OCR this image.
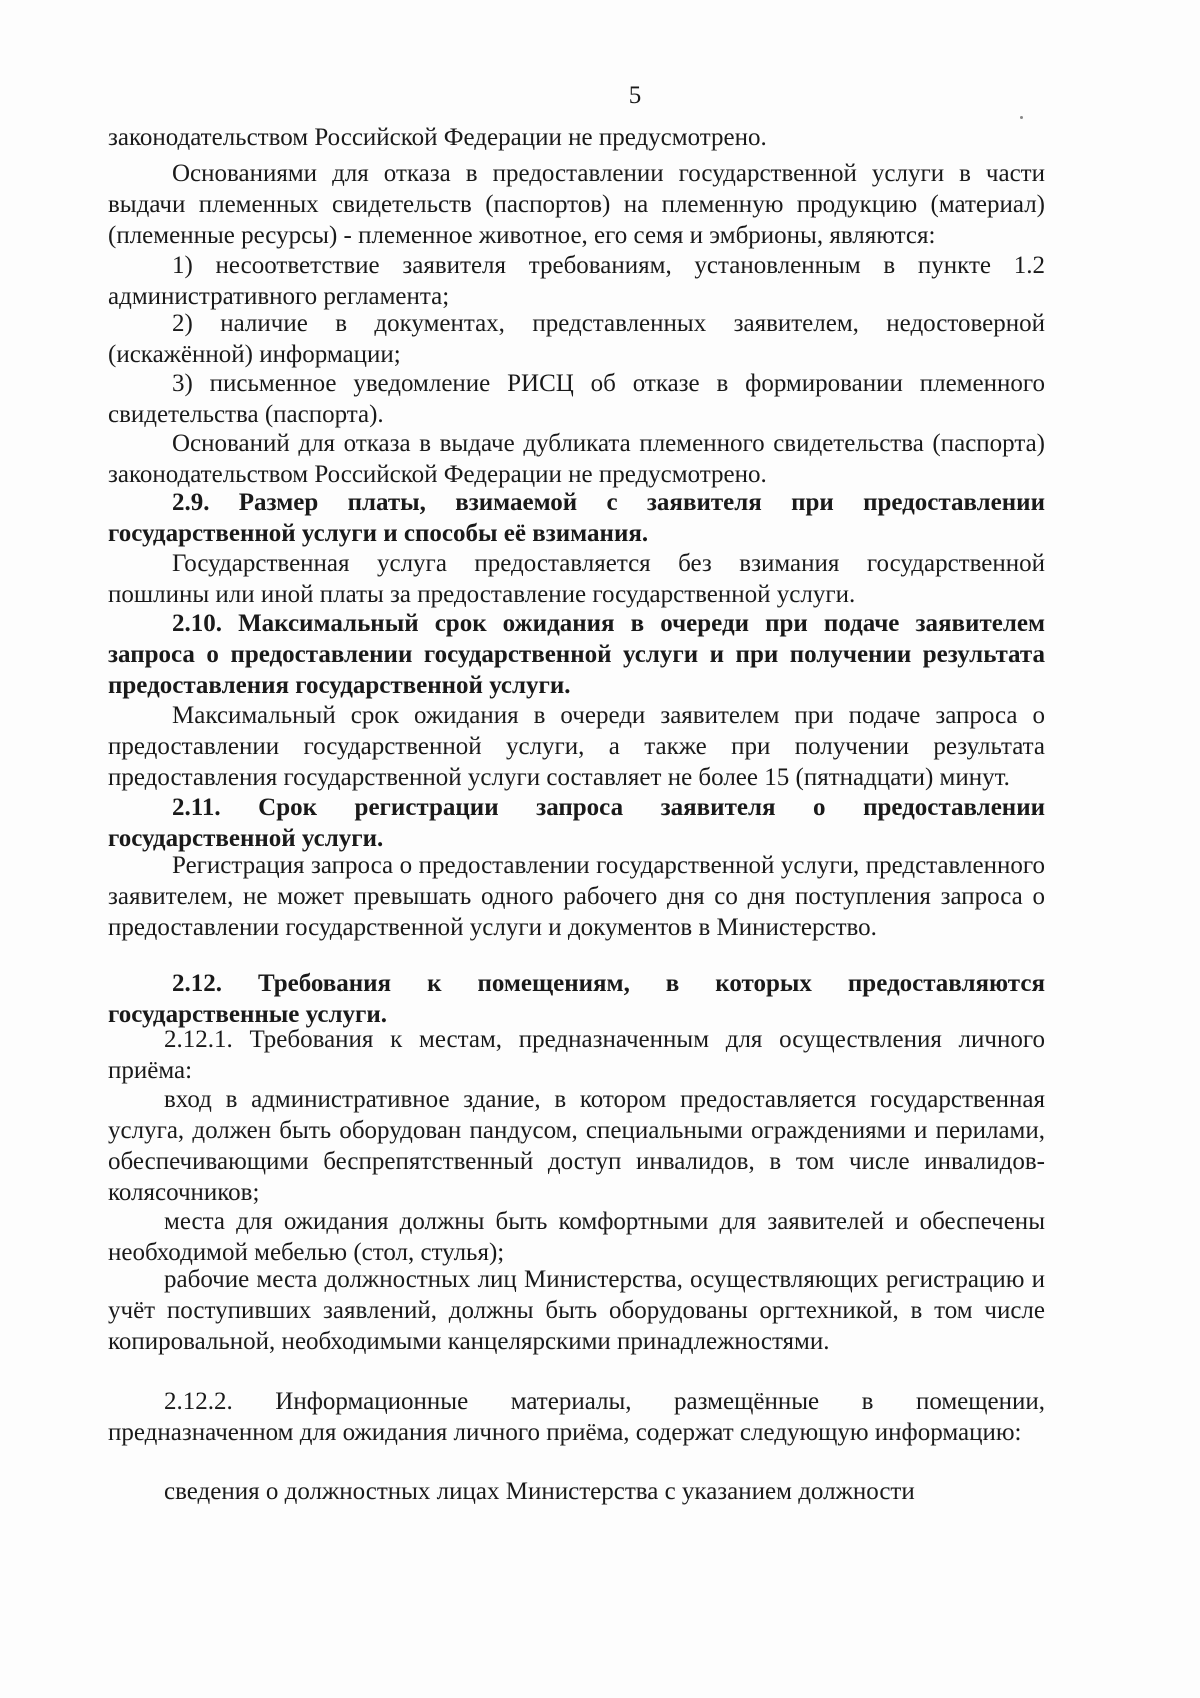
5

законодательством Российской Федерации не предусмотрено.

Основаниями для отказа в предоставлении государственной услуги в части выдачи племенных свидетельств (паспортов) на племенную продукцию (материал) (племенные ресурсы) - племенное животное, его семя и эмбрионы, являются:

1) несоответствие заявителя требованиям, установленным в пункте 1.2 административного регламента;

2) наличие в документах, представленных заявителем, недостоверной (искажённой) информации;

3) письменное уведомление РИСЦ об отказе в формировании племенного свидетельства (паспорта).

Оснований для отказа в выдаче дубликата племенного свидетельства (паспорта) законодательством Российской Федерации не предусмотрено.

2.9. Размер платы, взимаемой с заявителя при предоставлении государственной услуги и способы её взимания.

Государственная услуга предоставляется без взимания государственной пошлины или иной платы за предоставление государственной услуги.

2.10. Максимальный срок ожидания в очереди при подаче заявителем запроса о предоставлении государственной услуги и при получении результата предоставления государственной услуги.

Максимальный срок ожидания в очереди заявителем при подаче запроса о предоставлении государственной услуги, а также при получении результата предоставления государственной услуги составляет не более 15 (пятнадцати) минут.

2.11. Срок регистрации запроса заявителя о предоставлении государственной услуги.

Регистрация запроса о предоставлении государственной услуги, представленного заявителем, не может превышать одного рабочего дня со дня поступления запроса о предоставлении государственной услуги и документов в Министерство.

2.12. Требования к помещениям, в которых предоставляются государственные услуги.

2.12.1. Требования к местам, предназначенным для осуществления личного приёма:

вход в административное здание, в котором предоставляется государственная услуга, должен быть оборудован пандусом, специальными ограждениями и перилами, обеспечивающими беспрепятственный доступ инвалидов, в том числе инвалидов-колясочников;

места для ожидания должны быть комфортными для заявителей и обеспечены необходимой мебелью (стол, стулья);

рабочие места должностных лиц Министерства, осуществляющих регистрацию и учёт поступивших заявлений, должны быть оборудованы оргтехникой, в том числе копировальной, необходимыми канцелярскими принадлежностями.

2.12.2. Информационные материалы, размещённые в помещении, предназначенном для ожидания личного приёма, содержат следующую информацию:

сведения о должностных лицах Министерства с указанием должности
